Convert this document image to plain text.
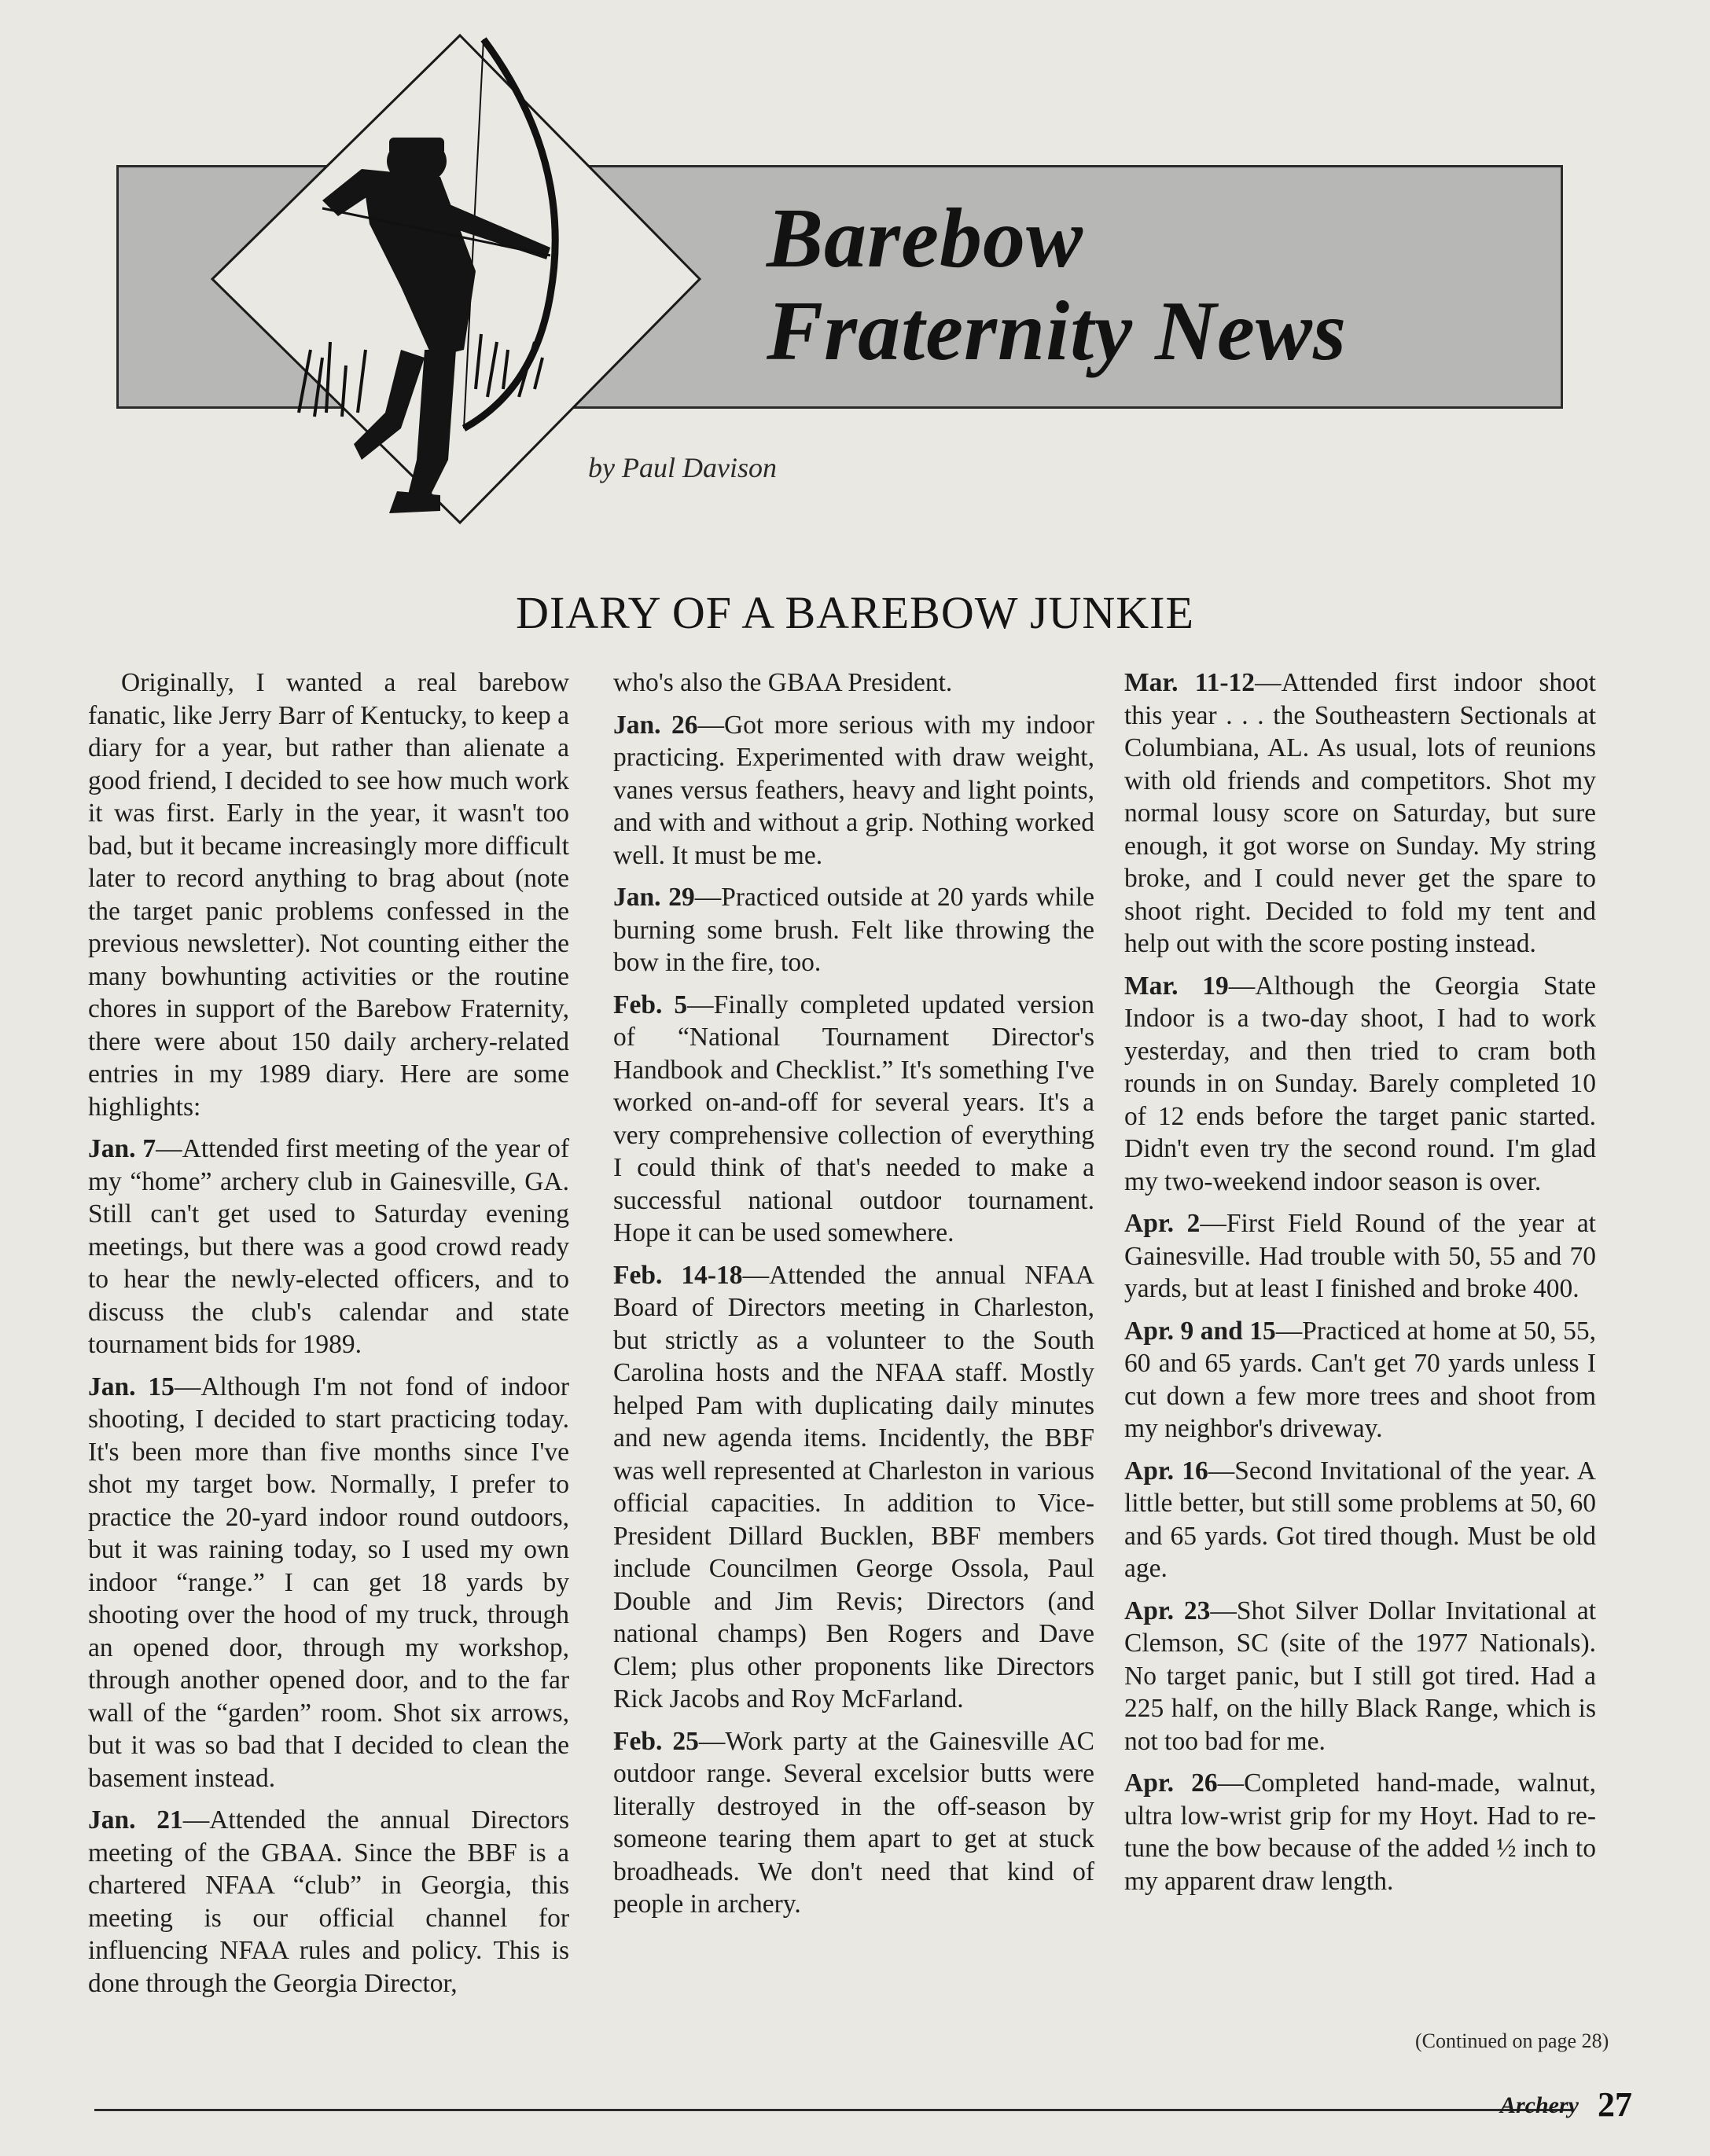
Barebow
Fraternity News
by Paul Davison
DIARY OF A BAREBOW JUNKIE

Originally, I wanted a real barebow fanatic, like Jerry Barr of Kentucky, to keep a diary for a year, but rather than alienate a good friend, I decided to see how much work it was first. Early in the year, it wasn't too bad, but it became increasingly more difficult later to record anything to brag about (note the target panic problems confessed in the previous newsletter). Not counting either the many bowhunting activities or the routine chores in support of the Barebow Fraternity, there were about 150 daily archery-related entries in my 1989 diary. Here are some highlights:

Jan. 7—Attended first meeting of the year of my “home” archery club in Gainesville, GA. Still can't get used to Saturday evening meetings, but there was a good crowd ready to hear the newly-elected officers, and to discuss the club's calendar and state tournament bids for 1989.

Jan. 15—Although I'm not fond of indoor shooting, I decided to start practicing today. It's been more than five months since I've shot my target bow. Normally, I prefer to practice the 20-yard indoor round outdoors, but it was raining today, so I used my own indoor “range.” I can get 18 yards by shooting over the hood of my truck, through an opened door, through my workshop, through another opened door, and to the far wall of the “garden” room. Shot six arrows, but it was so bad that I decided to clean the basement instead.

Jan. 21—Attended the annual Directors meeting of the GBAA. Since the BBF is a chartered NFAA “club” in Georgia, this meeting is our official channel for influencing NFAA rules and policy. This is done through the Georgia Director,

who's also the GBAA President.

Jan. 26—Got more serious with my indoor practicing. Experimented with draw weight, vanes versus feathers, heavy and light points, and with and without a grip. Nothing worked well. It must be me.

Jan. 29—Practiced outside at 20 yards while burning some brush. Felt like throwing the bow in the fire, too.

Feb. 5—Finally completed updated version of “National Tournament Director's Handbook and Checklist.” It's something I've worked on-and-off for several years. It's a very comprehensive collection of everything I could think of that's needed to make a successful national outdoor tournament. Hope it can be used somewhere.

Feb. 14-18—Attended the annual NFAA Board of Directors meeting in Charleston, but strictly as a volunteer to the South Carolina hosts and the NFAA staff. Mostly helped Pam with duplicating daily minutes and new agenda items. Incidently, the BBF was well represented at Charleston in various official capacities. In addition to Vice-President Dillard Bucklen, BBF members include Councilmen George Ossola, Paul Double and Jim Revis; Directors (and national champs) Ben Rogers and Dave Clem; plus other proponents like Directors Rick Jacobs and Roy McFarland.

Feb. 25—Work party at the Gainesville AC outdoor range. Several excelsior butts were literally destroyed in the off-season by someone tearing them apart to get at stuck broadheads. We don't need that kind of people in archery.

Mar. 11-12—Attended first indoor shoot this year . . . the Southeastern Sectionals at Columbiana, AL. As usual, lots of reunions with old friends and competitors. Shot my normal lousy score on Saturday, but sure enough, it got worse on Sunday. My string broke, and I could never get the spare to shoot right. Decided to fold my tent and help out with the score posting instead.

Mar. 19—Although the Georgia State Indoor is a two-day shoot, I had to work yesterday, and then tried to cram both rounds in on Sunday. Barely completed 10 of 12 ends before the target panic started. Didn't even try the second round. I'm glad my two-weekend indoor season is over.

Apr. 2—First Field Round of the year at Gainesville. Had trouble with 50, 55 and 70 yards, but at least I finished and broke 400.

Apr. 9 and 15—Practiced at home at 50, 55, 60 and 65 yards. Can't get 70 yards unless I cut down a few more trees and shoot from my neighbor's driveway.

Apr. 16—Second Invitational of the year. A little better, but still some problems at 50, 60 and 65 yards. Got tired though. Must be old age.

Apr. 23—Shot Silver Dollar Invitational at Clemson, SC (site of the 1977 Nationals). No target panic, but I still got tired. Had a 225 half, on the hilly Black Range, which is not too bad for me.

Apr. 26—Completed hand-made, walnut, ultra low-wrist grip for my Hoyt. Had to re-tune the bow because of the added ½ inch to my apparent draw length.

(Continued on page 28)
Archery 27
